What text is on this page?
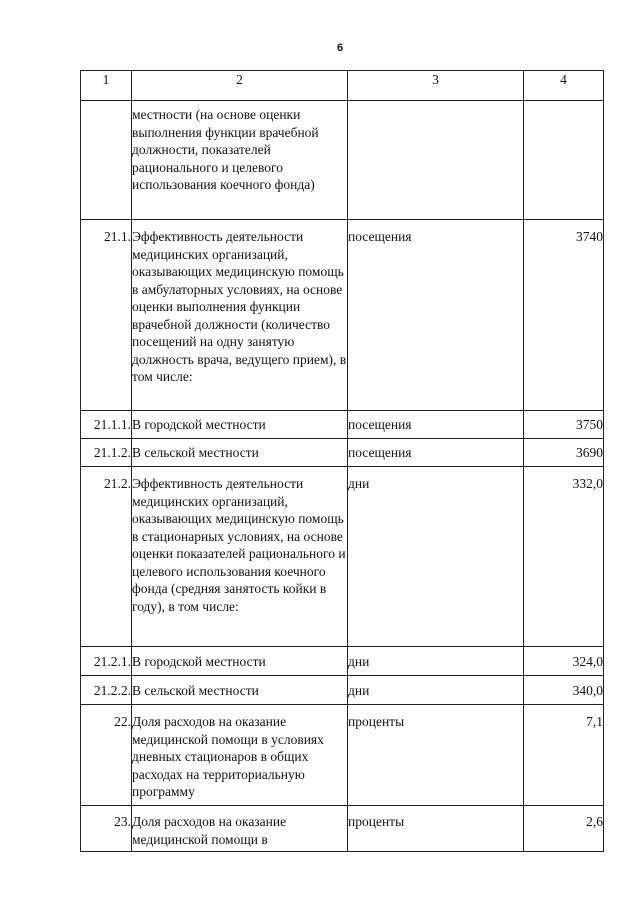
6
1	2	3	4
	местности (на основе оценки выполнения функции врачебной должности, показателей рационального и целевого использования коечного фонда)		
21.1.	Эффективность деятельности медицинских организаций, оказывающих медицинскую помощь в амбулаторных условиях, на основе оценки выполнения функции врачебной должности (количество посещений на одну занятую должность врача, ведущего прием), в том числе:	посещения	3740
21.1.1.	В городской местности	посещения	3750
21.1.2.	В сельской местности	посещения	3690
21.2.	Эффективность деятельности медицинских организаций, оказывающих медицинскую помощь в стационарных условиях, на основе оценки показателей рационального и целевого использования коечного фонда (средняя занятость койки в году), в том числе:	дни	332,0
21.2.1.	В городской местности	дни	324,0
21.2.2.	В сельской местности	дни	340,0
22.	Доля расходов на оказание медицинской помощи в условиях дневных стационаров в общих расходах на территориальную программу	проценты	7,1
23.	Доля расходов на оказание медицинской помощи в	проценты	2,6
